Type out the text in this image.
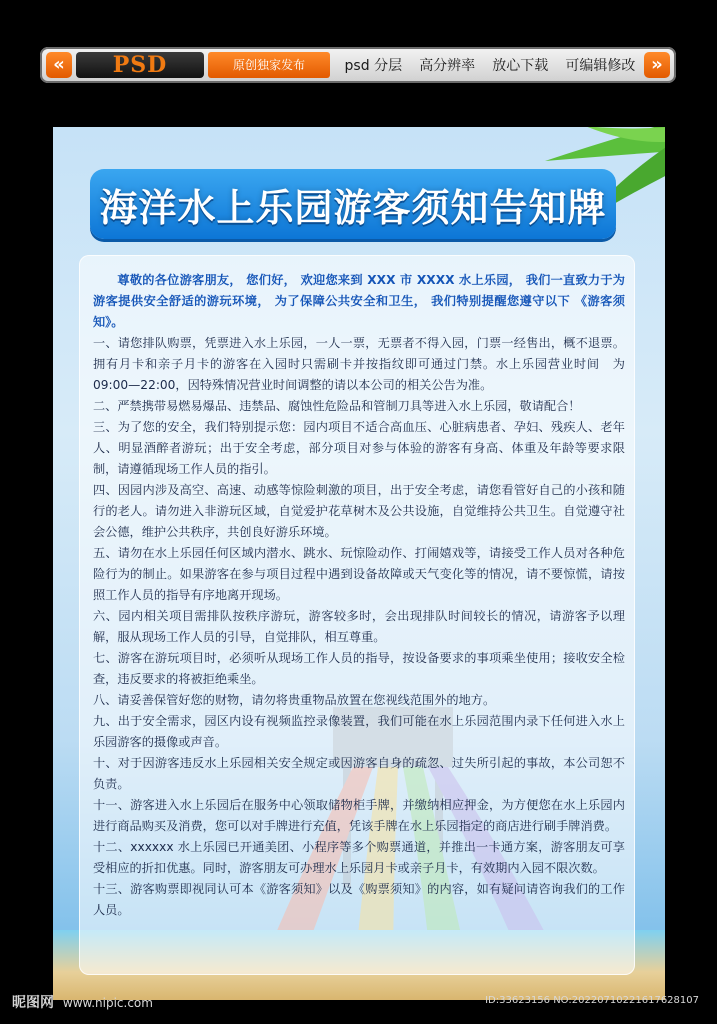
«	PSD	原创独家发布	psd 分层 高分辨率 放心下载 可编辑修改 »
海洋水上乐园游客须知告知牌

尊敬的各位游客朋友， 您们好， 欢迎您来到 XXX 市 XXXX 水上乐园， 我们一直致力于为游客提供安全舒适的游玩环境， 为了保障公共安全和卫生， 我们特别提醒您遵守以下 《游客须知》。

一、请您排队购票，凭票进入水上乐园，一人一票，无票者不得入园，门票一经售出，概不退票。拥有月卡和亲子月卡的游客在入园时只需刷卡并按指纹即可通过门禁。水上乐园营业时间　为 09:00—22:00，因特殊情况营业时间调整的请以本公司的相关公告为准。

二、严禁携带易燃易爆品、违禁品、腐蚀性危险品和管制刀具等进入水上乐园，敬请配合！

三、为了您的安全，我们特别提示您：园内项目不适合高血压、心脏病患者、孕妇、残疾人、老年人、明显酒醉者游玩；出于安全考虑，部分项目对参与体验的游客有身高、体重及年龄等要求限制，请遵循现场工作人员的指引。

四、因园内涉及高空、高速、动感等惊险刺激的项目，出于安全考虑，请您看管好自己的小孩和随行的老人。请勿进入非游玩区域，自觉爱护花草树木及公共设施，自觉维持公共卫生。自觉遵守社会公德，维护公共秩序，共创良好游乐环境。

五、请勿在水上乐园任何区域内潜水、跳水、玩惊险动作、打闹嬉戏等，请接受工作人员对各种危险行为的制止。如果游客在参与项目过程中遇到设备故障或天气变化等的情况，请不要惊慌，请按照工作人员的指导有序地离开现场。

六、园内相关项目需排队按秩序游玩，游客较多时，会出现排队时间较长的情况，请游客予以理解，服从现场工作人员的引导，自觉排队，相互尊重。

七、游客在游玩项目时，必须听从现场工作人员的指导，按设备要求的事项乘坐使用；接收安全检查，违反要求的将被拒绝乘坐。

八、请妥善保管好您的财物，请勿将贵重物品放置在您视线范围外的地方。

九、出于安全需求，园区内设有视频监控录像装置，我们可能在水上乐园范围内录下任何进入水上乐园游客的摄像或声音。

十、对于因游客违反水上乐园相关安全规定或因游客自身的疏忽、过失所引起的事故，本公司恕不负责。

十一、游客进入水上乐园后在服务中心领取储物柜手牌，并缴纳相应押金，为方便您在水上乐园内进行商品购买及消费，您可以对手牌进行充值，凭该手牌在水上乐园指定的商店进行刷手牌消费。

十二、xxxxxx 水上乐园已开通美团、小程序等多个购票通道，并推出一卡通方案，游客朋友可享受相应的折扣优惠。同时，游客朋友可办理水上乐园月卡或亲子月卡，有效期内入园不限次数。

十三、游客购票即视同认可本《游客须知》以及《购票须知》的内容，如有疑问请咨询我们的工作人员。

昵图网 www.nipic.com	ID:33623156 NO:20220710221617628107
